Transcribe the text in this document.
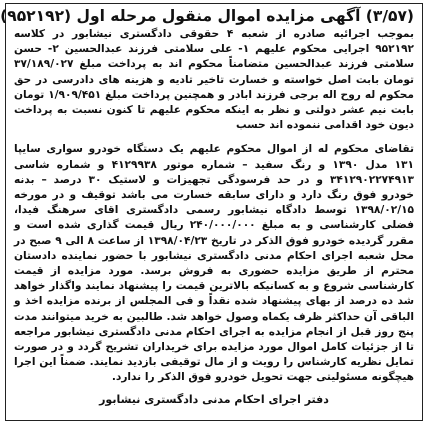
(۳/۵۷) آگهی مزایده اموال منقول مرحله اول (۹۵۲۱۹۲)

بموجب اجرائیه صادره از شعبه ۴ حقوقی دادگستری نیشابور در کلاسه ۹۵۲۱۹۲ اجرایی محکوم علیهم ۱- علی سلامتی فرزند عبدالحسین ۲- حسن سلامتی فرزند عبدالحسین متضامناً محکوم اند به پرداخت مبلغ ۳۷/۱۸۹/۰۲۷ تومان بابت اصل خواسته و خسارت تاخیر تادیه و هزینه های دادرسی در حق محکوم له روح اله برجی فرزند ابادر و همچنین پرداخت مبلغ ۱/۹۰۹/۴۵۱ تومان بابت نیم عشر دولتی و نظر به اینکه محکوم علیهم تا کنون نسبت به پرداخت دیون خود اقدامی ننموده اند حسب

تقاضای محکوم له از اموال محکوم علیهم یک دستگاه خودرو سواری سایپا ۱۳۱ مدل ۱۳۹۰ و رنگ سفید – شماره موتور ۴۱۲۹۹۳۸ و شماره شاسی ۳۴۱۲۹۰۲۲۷۴۹۱۳ و در حد فرسودگی تجهیزات و لاستیک ۳۰ درصد – بدنه خودرو فوق رنگ دارد و دارای سابقه خسارت می باشد توقیف و در مورخه ۱۳۹۸/۰۲/۱۵ توسط دادگاه نیشابور رسمی دادگستری اقای سرهنگ فیدا، فضلی کارشناسی و به مبلغ ۲۴۰/۰۰۰/۰۰۰ ریال قیمت گذاری شده است و مقرر گردیده خودرو فوق الذکر در تاریخ ۱۳۹۸/۰۴/۲۳ از ساعت ۸ الی ۹ صبح در محل شعبه اجرای احکام مدنی دادگستری نیشابور با حضور نماینده دادستان محترم از طریق مزایده حضوری به فروش برسد. مورد مزایده از قیمت کارشناسی شروع و به کسانیکه بالاترین قیمت را پیشنهاد نمایند واگذار خواهد شد ده درصد از بهای پیشنهاد شده نقداً و فی المجلس از برنده مزایده اخذ و الباقی آن حداکثر ظرف یکماه وصول خواهد شد. طالبین به خرید میتوانند مدت پنج روز قبل از انجام مزایده به اجرای احکام مدنی دادگستری نیشابور مراجعه تا از جزئیات کامل اموال مورد مزایده برای خریداران تشریح گردد و در صورت تمایل نظریه کارشناس را رویت و از مال توقیفی بازدید نمایند. ضمناً این اجرا هیچگونه مسئولیتی جهت تحویل خودرو فوق الذکر را ندارد.

دفتر اجرای احکام مدنی دادگستری نیشابور
